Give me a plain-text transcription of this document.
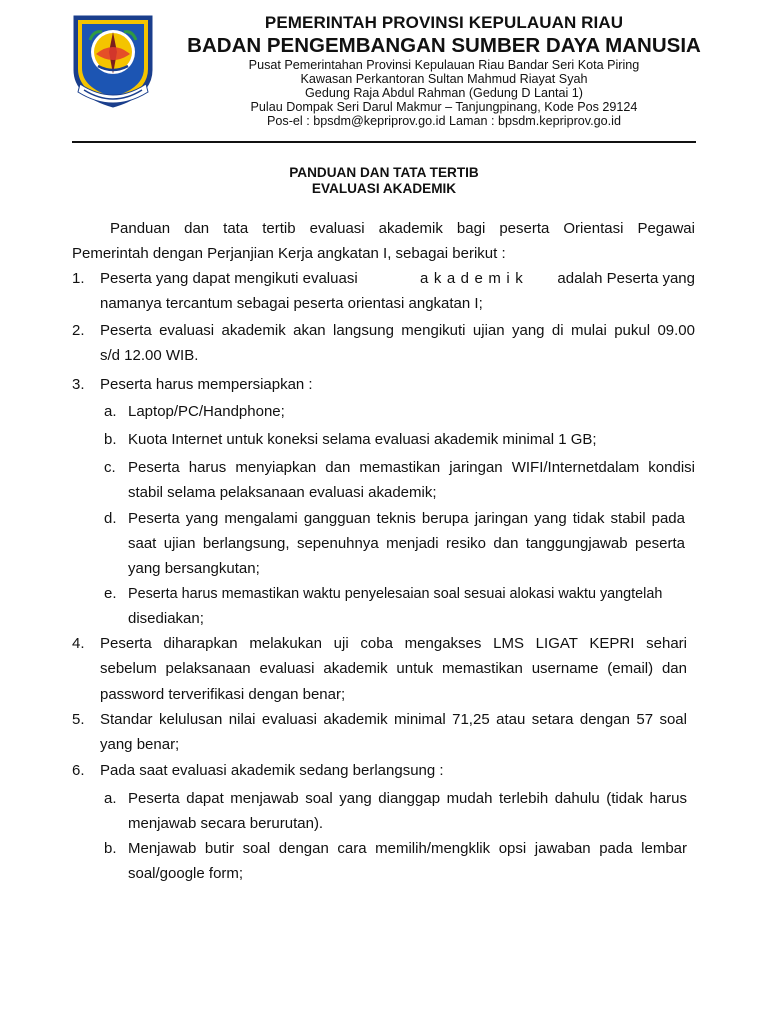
PEMERINTAH PROVINSI KEPULAUAN RIAU
BADAN PENGEMBANGAN SUMBER DAYA MANUSIA
Pusat Pemerintahan Provinsi Kepulauan Riau Bandar Seri Kota Piring
Kawasan Perkantoran Sultan Mahmud Riayat Syah
Gedung Raja Abdul Rahman (Gedung D Lantai 1)
Pulau Dompak Seri Darul Makmur – Tanjungpinang, Kode Pos 29124
Pos-el : bpsdm@kepriprov.go.id Laman : bpsdm.kepriprov.go.id
PANDUAN DAN TATA TERTIB
EVALUASI AKADEMIK
Panduan dan tata tertib evaluasi akademik bagi peserta Orientasi Pegawai
Pemerintah dengan Perjanjian Kerja angkatan I, sebagai berikut :
1. Peserta yang dapat mengikuti evaluasi	akademik	adalah Peserta yang
namanya tercantum sebagai peserta orientasi angkatan I;
2. Peserta evaluasi akademik akan langsung mengikuti ujian yang di mulai pukul 09.00
s/d 12.00 WIB.
3. Peserta harus mempersiapkan :
a. Laptop/PC/Handphone;
b. Kuota Internet untuk koneksi selama evaluasi akademik minimal 1 GB;
c. Peserta harus menyiapkan dan memastikan jaringan WIFI/Internetdalam kondisi
stabil selama pelaksanaan evaluasi akademik;
d. Peserta yang mengalami gangguan teknis berupa jaringan yang tidak stabil pada
saat ujian berlangsung, sepenuhnya menjadi resiko dan tanggungjawab peserta
yang bersangkutan;
e. Peserta harus memastikan waktu penyelesaian soal sesuai alokasi waktu yangtelah
disediakan;
4. Peserta diharapkan melakukan uji coba mengakses LMS LIGAT KEPRI sehari
sebelum pelaksanaan evaluasi akademik untuk memastikan username (email) dan
password terverifikasi dengan benar;
5. Standar kelulusan nilai evaluasi akademik minimal 71,25 atau setara dengan 57 soal
yang benar;
6. Pada saat evaluasi akademik sedang berlangsung :
a. Peserta dapat menjawab soal yang dianggap mudah terlebih dahulu (tidak harus
menjawab secara berurutan).
b. Menjawab butir soal dengan cara memilih/mengklik opsi jawaban pada lembar
soal/google form;
